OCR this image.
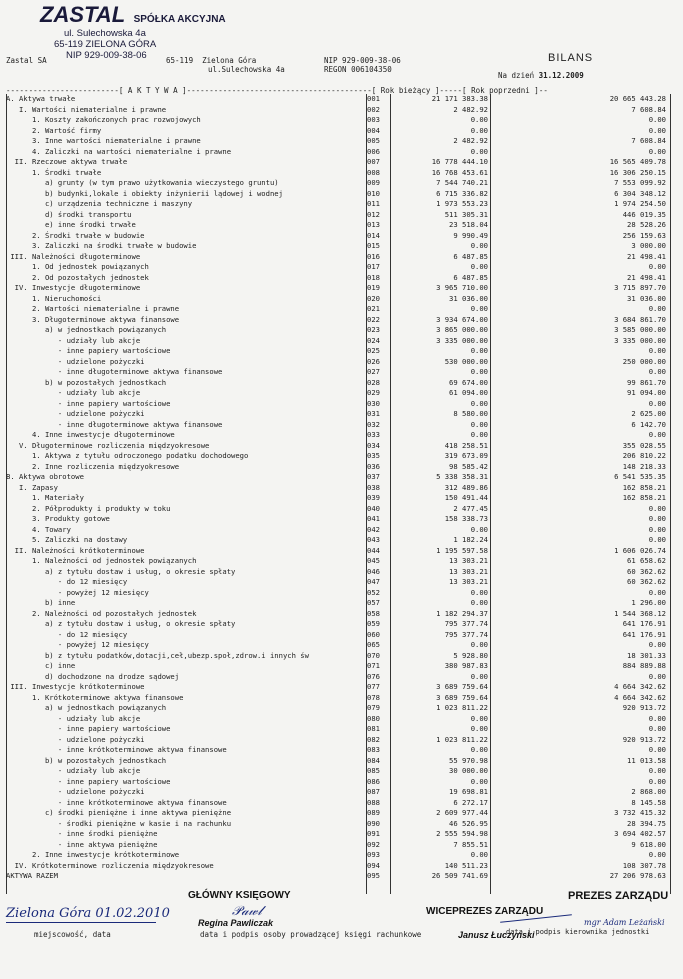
ZASTAL SPÓŁKA AKCYJNA
ul. Sulechowska 4a
65-119 ZIELONA GÓRA
NIP 929-009-38-06
Zastal SA	65-119  Zielona Góra
ul.Sulechowska 4a
NIP 929-009-38-06
REGON 006104350
BILANS
Na dzień 31.12.2009
-------------------------[ A K T Y W A ]-----------------------------------------[ Rok bieżący ]-----[ Rok poprzedni ]--
A. Aktywa trwałe	001	21 171 383.38	20 665 443.28
I. Wartości niematerialne i prawne	002	2 482.92	7 608.84
1. Koszty zakończonych prac rozwojowych	003	0.00	0.00
2. Wartość firmy	004	0.00	0.00
3. Inne wartości niematerialne i prawne	005	2 482.92	7 608.84
4. Zaliczki na wartości niematerialne i prawne	006	0.00	0.00
II. Rzeczowe aktywa trwałe	007	16 778 444.10	16 565 409.78
1. Środki trwałe	008	16 768 453.61	16 306 250.15
a) grunty (w tym prawo użytkowania wieczystego gruntu)	009	7 544 740.21	7 553 099.92
b) budynki,lokale i obiekty inżynierii lądowej i wodnej	010	6 715 336.82	6 304 348.12
c) urządzenia techniczne i maszyny	011	1 973 553.23	1 974 254.50
d) środki transportu	012	511 305.31	446 019.35
e) inne środki trwałe	013	23 518.04	28 528.26
2. Środki trwałe w budowie	014	9 990.49	256 159.63
3. Zaliczki na środki trwałe w budowie	015	0.00	3 000.00
III. Należności długoterminowe	016	6 487.85	21 498.41
1. Od jednostek powiązanych	017	0.00	0.00
2. Od pozostałych jednostek	018	6 487.85	21 498.41
IV. Inwestycje długoterminowe	019	3 965 710.00	3 715 897.70
1. Nieruchomości	020	31 036.00	31 036.00
2. Wartości niematerialne i prawne	021	0.00	0.00
3. Długoterminowe aktywa finansowe	022	3 934 674.00	3 684 861.70
a) w jednostkach powiązanych	023	3 865 000.00	3 585 000.00
- udziały lub akcje	024	3 335 000.00	3 335 000.00
- inne papiery wartościowe	025	0.00	0.00
- udzielone pożyczki	026	530 000.00	250 000.00
- inne długoterminowe aktywa finansowe	027	0.00	0.00
b) w pozostałych jednostkach	028	69 674.00	99 861.70
- udziały lub akcje	029	61 094.00	91 094.00
- inne papiery wartościowe	030	0.00	0.00
- udzielone pożyczki	031	8 580.00	2 625.00
- inne długoterminowe aktywa finansowe	032	0.00	6 142.70
4. Inne inwestycje długoterminowe	033	0.00	0.00
V. Długoterminowe rozliczenia międzyokresowe	034	418 258.51	355 028.55
1. Aktywa z tytułu odroczonego podatku dochodowego	035	319 673.09	206 810.22
2. Inne rozliczenia międzyokresowe	036	98 585.42	148 218.33
B. Aktywa obrotowe	037	5 338 358.31	6 541 535.35
I. Zapasy	038	312 489.86	162 858.21
1. Materiały	039	150 491.44	162 858.21
2. Półprodukty i produkty w toku	040	2 477.45	0.00
3. Produkty gotowe	041	158 338.73	0.00
4. Towary	042	0.00	0.00
5. Zaliczki na dostawy	043	1 182.24	0.00
II. Należności krótkoterminowe	044	1 195 597.58	1 606 026.74
1. Należności od jednostek powiązanych	045	13 303.21	61 658.62
a) z tytułu dostaw i usług, o okresie spłaty	046	13 303.21	60 362.62
- do 12 miesięcy	047	13 303.21	60 362.62
- powyżej 12 miesięcy	052	0.00	0.00
b) inne	057	0.00	1 296.00
2. Należności od pozostałych jednostek	058	1 182 294.37	1 544 368.12
a) z tytułu dostaw i usług, o okresie spłaty	059	795 377.74	641 176.91
- do 12 miesięcy	060	795 377.74	641 176.91
- powyżej 12 miesięcy	065	0.00	0.00
b) z tytułu podatków,dotacji,ceł,ubezp.społ,zdrow.i innych św	070	5 928.80	18 301.33
c) inne	071	380 987.83	884 889.88
d) dochodzone na drodze sądowej	076	0.00	0.00
III. Inwestycje krótkoterminowe	077	3 689 759.64	4 664 342.62
1. Krótkoterminowe aktywa finansowe	078	3 689 759.64	4 664 342.62
a) w jednostkach powiązanych	079	1 023 811.22	920 913.72
- udziały lub akcje	080	0.00	0.00
- inne papiery wartościowe	081	0.00	0.00
- udzielone pożyczki	082	1 023 811.22	920 913.72
- inne krótkoterminowe aktywa finansowe	083	0.00	0.00
b) w pozostałych jednostkach	084	55 970.98	11 013.58
- udziały lub akcje	085	30 000.00	0.00
- inne papiery wartościowe	086	0.00	0.00
- udzielone pożyczki	087	19 698.81	2 868.00
- inne krótkoterminowe aktywa finansowe	088	6 272.17	8 145.58
c) środki pieniężne i inne aktywa pieniężne	089	2 609 977.44	3 732 415.32
- środki pieniężne w kasie i na rachunku	090	46 526.95	28 394.75
- inne środki pieniężne	091	2 555 594.98	3 694 402.57
- inne aktywa pieniężne	092	7 855.51	9 618.00
2. Inne inwestycje krótkoterminowe	093	0.00	0.00
IV. Krótkoterminowe rozliczenia międzyokresowe	094	140 511.23	108 307.78
AKTYWA RAZEM	095	26 509 741.69	27 206 978.63
Zielona Góra 01.02.2010
miejscowość, data
GŁÓWNY KSIĘGOWY
𝒫𝒶𝓌𝓁
Regina Pawliczak
data i podpis osoby prowadzącej księgi rachunkowe
WICEPREZES ZARZĄDU
Janusz Łuczyński
PREZES ZARZĄDU
mgr Adam Leżański
data i podpis kierownika jednostki
